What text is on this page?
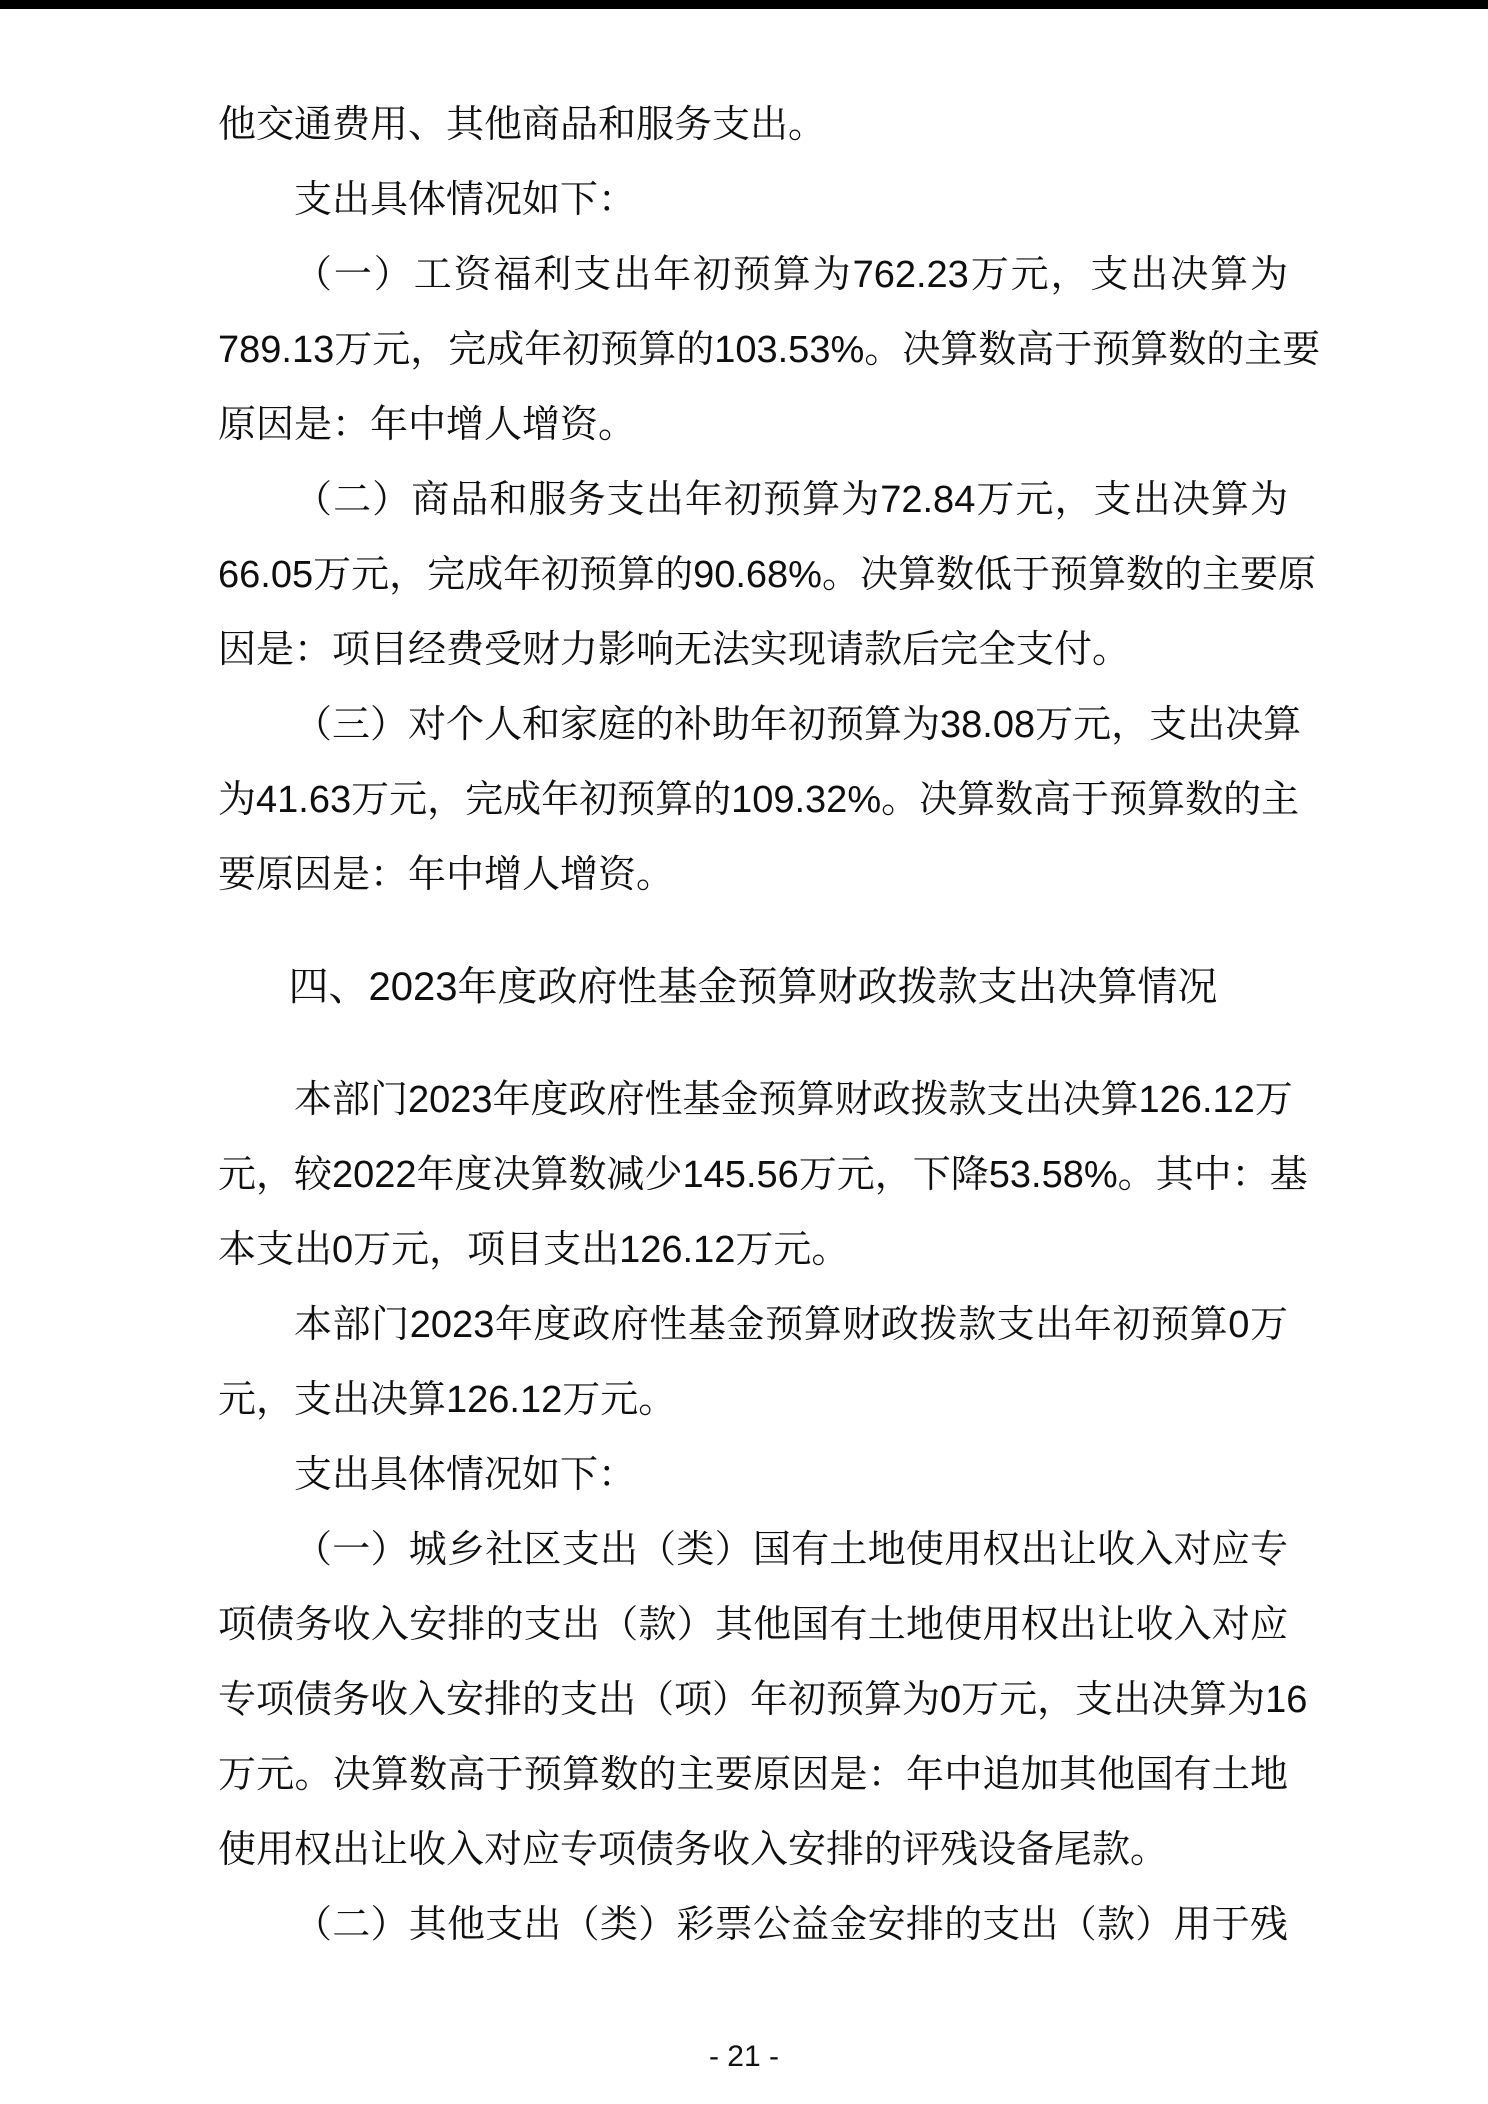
他交通费用、其他商品和服务支出。
支出具体情况如下：
（一）工资福利支出年初预算为762.23万元，支出决算为
789.13万元，完成年初预算的103.53%。决算数高于预算数的主要
原因是：年中增人增资。
（二）商品和服务支出年初预算为72.84万元，支出决算为
66.05万元，完成年初预算的90.68%。决算数低于预算数的主要原
因是：项目经费受财力影响无法实现请款后完全支付。
（三）对个人和家庭的补助年初预算为38.08万元，支出决算
为41.63万元，完成年初预算的109.32%。决算数高于预算数的主
要原因是：年中增人增资。
四、2023年度政府性基金预算财政拨款支出决算情况
本部门2023年度政府性基金预算财政拨款支出决算126.12万
元，较2022年度决算数减少145.56万元，下降53.58%。其中：基
本支出0万元，项目支出126.12万元。
本部门2023年度政府性基金预算财政拨款支出年初预算0万
元，支出决算126.12万元。
支出具体情况如下：
（一）城乡社区支出（类）国有土地使用权出让收入对应专
项债务收入安排的支出（款）其他国有土地使用权出让收入对应
专项债务收入安排的支出（项）年初预算为0万元，支出决算为16
万元。决算数高于预算数的主要原因是：年中追加其他国有土地
使用权出让收入对应专项债务收入安排的评残设备尾款。
（二）其他支出（类）彩票公益金安排的支出（款）用于残
- 21 -
